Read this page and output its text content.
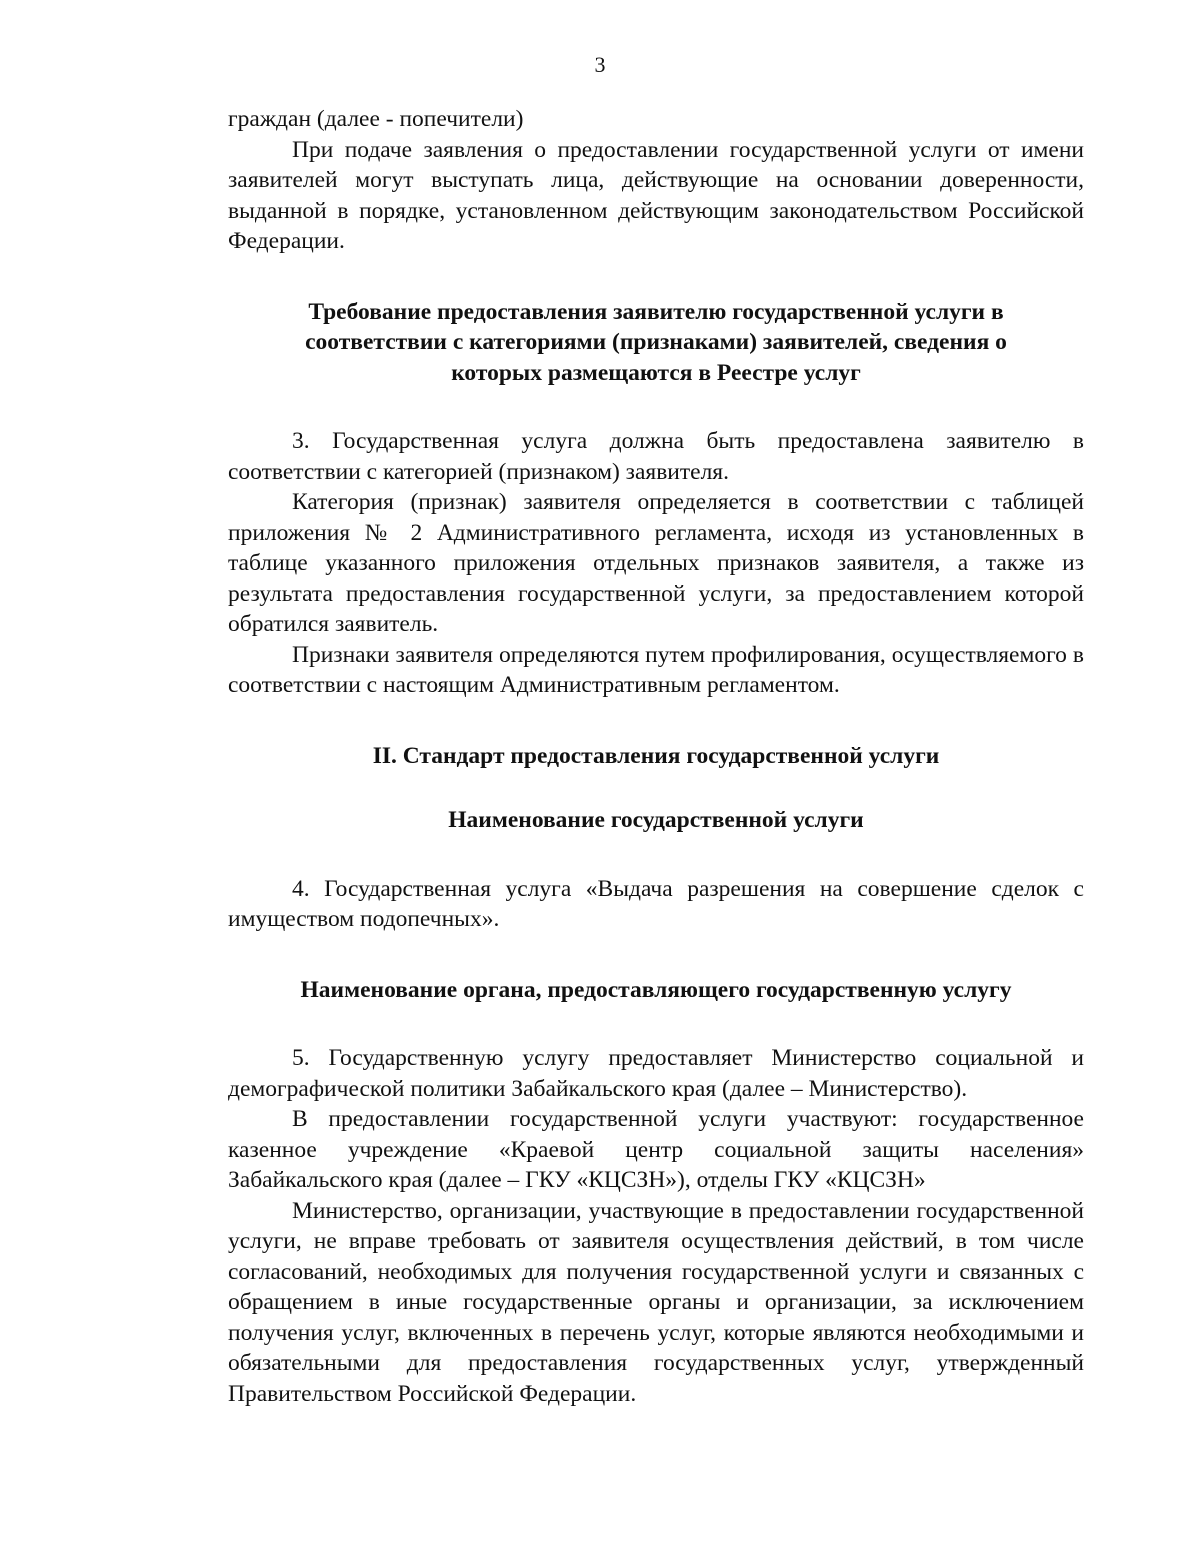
3

граждан (далее - попечители)

При подаче заявления о предоставлении государственной услуги от имени заявителей могут выступать лица, действующие на основании доверенности, выданной в порядке, установленном действующим законодательством Российской Федерации.

Требование предоставления заявителю государственной услуги в
соответствии с категориями (признаками) заявителей, сведения о
которых размещаются в Реестре услуг

3. Государственная услуга должна быть предоставлена заявителю в соответствии с категорией (признаком) заявителя.

Категория (признак) заявителя определяется в соответствии с таблицей приложения № 2 Административного регламента, исходя из установленных в таблице указанного приложения отдельных признаков заявителя, а также из результата предоставления государственной услуги, за предоставлением которой обратился заявитель.

Признаки заявителя определяются путем профилирования, осуществляемого в соответствии с настоящим Административным регламентом.

II. Стандарт предоставления государственной услуги
Наименование государственной услуги

4. Государственная услуга «Выдача разрешения на совершение сделок с имуществом подопечных».

Наименование органа, предоставляющего государственную услугу

5. Государственную услугу предоставляет Министерство социальной и демографической политики Забайкальского края (далее – Министерство).

В предоставлении государственной услуги участвуют: государственное казенное учреждение «Краевой центр социальной защиты населения» Забайкальского края (далее – ГКУ «КЦСЗН»), отделы ГКУ «КЦСЗН»

Министерство, организации, участвующие в предоставлении государственной услуги, не вправе требовать от заявителя осуществления действий, в том числе согласований, необходимых для получения государственной услуги и связанных с обращением в иные государственные органы и организации, за исключением получения услуг, включенных в перечень услуг, которые являются необходимыми и обязательными для предоставления государственных услуг, утвержденный Правительством Российской Федерации.
